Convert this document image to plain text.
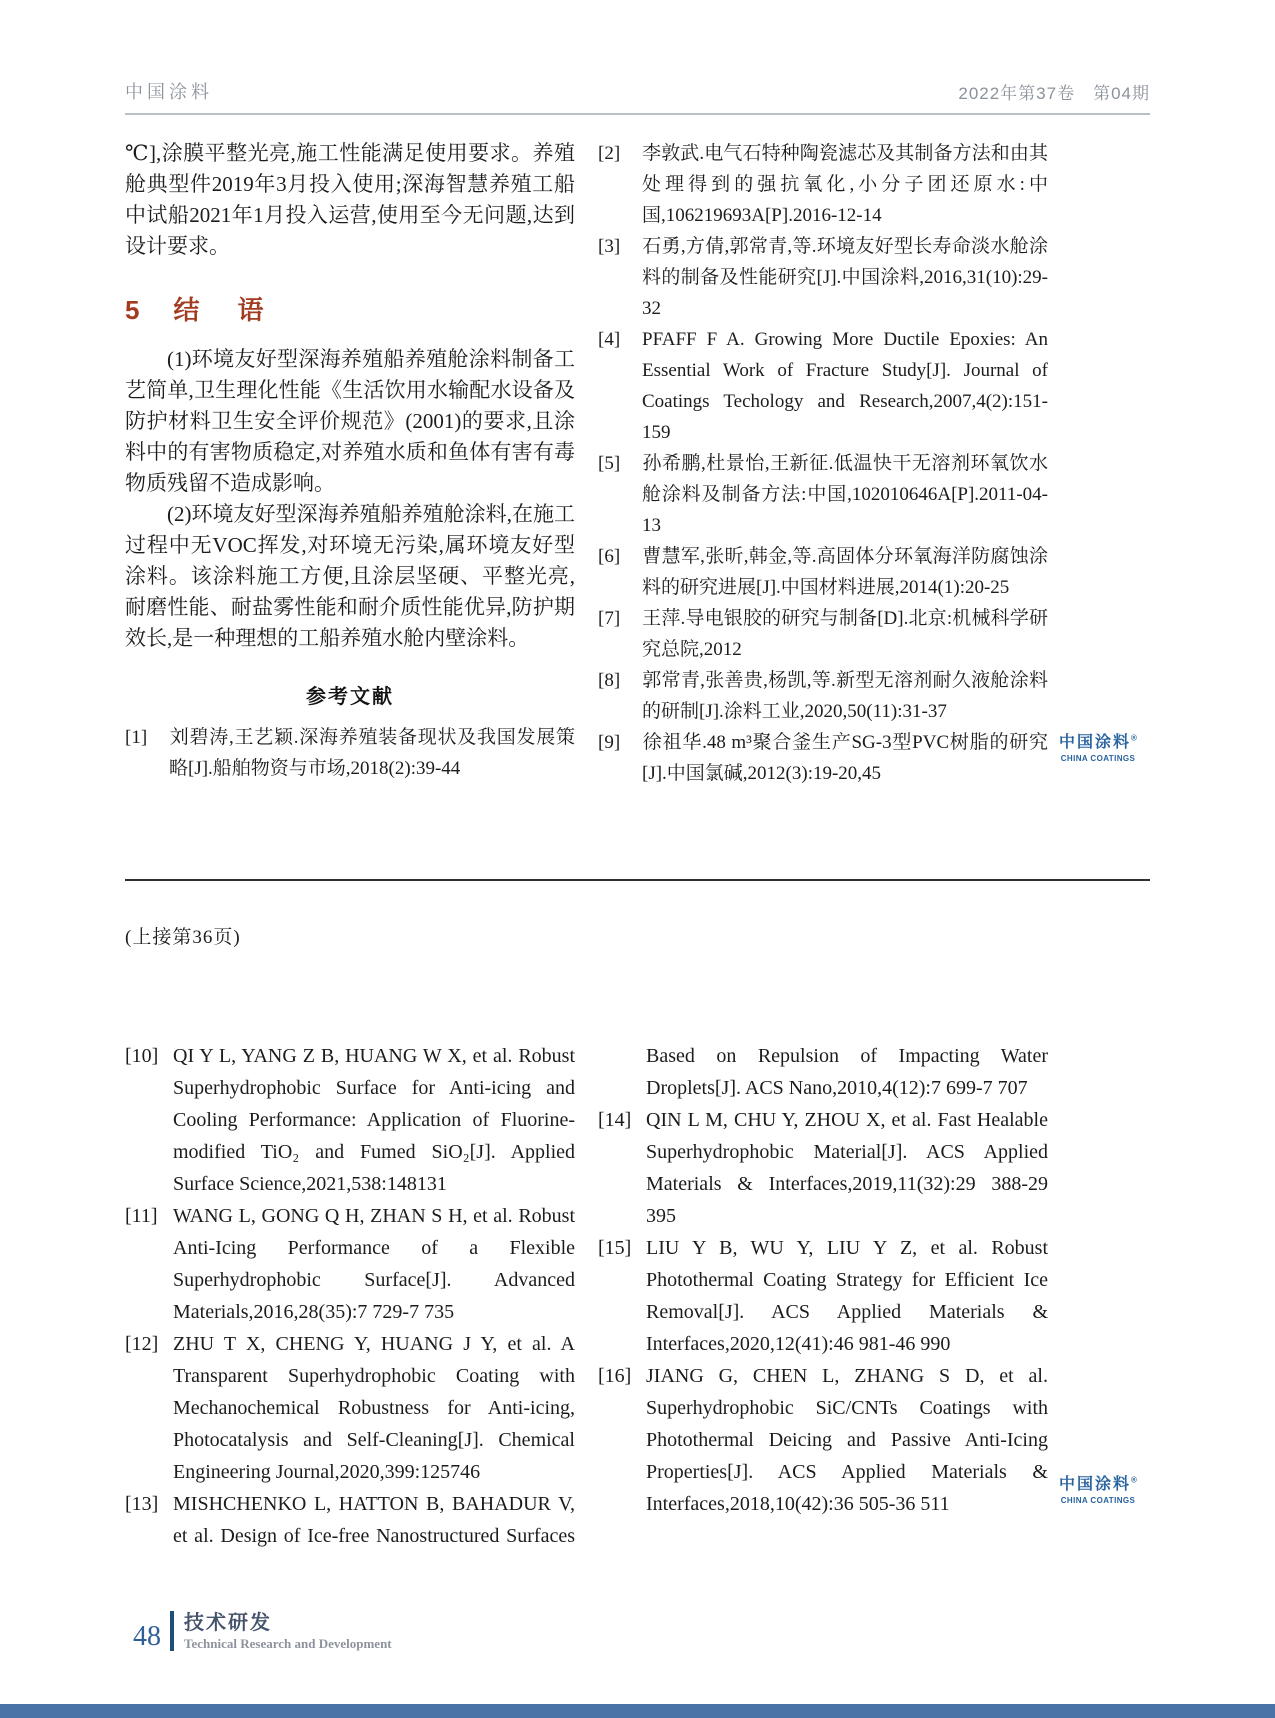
中国涂料	2022年第37卷　第04期
℃],涂膜平整光亮,施工性能满足使用要求。养殖舱典型件2019年3月投入使用;深海智慧养殖工船中试船2021年1月投入运营,使用至今无问题,达到设计要求。
5 结　语
(1)环境友好型深海养殖船养殖舱涂料制备工艺简单,卫生理化性能《生活饮用水输配水设备及防护材料卫生安全评价规范》(2001)的要求,且涂料中的有害物质稳定,对养殖水质和鱼体有害有毒物质残留不造成影响。
(2)环境友好型深海养殖船养殖舱涂料,在施工过程中无VOC挥发,对环境无污染,属环境友好型涂料。该涂料施工方便,且涂层坚硬、平整光亮,耐磨性能、耐盐雾性能和耐介质性能优异,防护期效长,是一种理想的工船养殖水舱内壁涂料。
参考文献
[1] 刘碧涛,王艺颖.深海养殖装备现状及我国发展策略[J].船舶物资与市场,2018(2):39-44
[2] 李敦武.电气石特种陶瓷滤芯及其制备方法和由其处理得到的强抗氧化,小分子团还原水:中国,106219693A[P].2016-12-14
[3] 石勇,方倩,郭常青,等.环境友好型长寿命淡水舱涂料的制备及性能研究[J].中国涂料,2016,31(10):29-32
[4] PFAFF F A. Growing More Ductile Epoxies: An Essential Work of Fracture Study[J]. Journal of Coatings Techology and Research,2007,4(2):151-159
[5] 孙希鹏,杜景怡,王新征.低温快干无溶剂环氧饮水舱涂料及制备方法:中国,102010646A[P].2011-04-13
[6] 曹慧军,张昕,韩金,等.高固体分环氧海洋防腐蚀涂料的研究进展[J].中国材料进展,2014(1):20-25
[7] 王萍.导电银胶的研究与制备[D].北京:机械科学研究总院,2012
[8] 郭常青,张善贵,杨凯,等.新型无溶剂耐久液舱涂料的研制[J].涂料工业,2020,50(11):31-37
[9] 徐祖华.48 m³聚合釜生产SG-3型PVC树脂的研究[J].中国氯碱,2012(3):19-20,45
中国涂料®
CHINA COATINGS
(上接第36页)
[10] QI Y L, YANG Z B, HUANG W X, et al. Robust Superhydrophobic Surface for Anti-icing and Cooling Performance: Application of Fluorine-modified TiO₂ and Fumed SiO₂[J]. Applied Surface Science,2021,538:148131
[11] WANG L, GONG Q H, ZHAN S H, et al. Robust Anti-Icing Performance of a Flexible Superhydrophobic Surface[J]. Advanced Materials,2016,28(35):7 729-7 735
[12] ZHU T X, CHENG Y, HUANG J Y, et al. A Transparent Superhydrophobic Coating with Mechanochemical Robustness for Anti-icing, Photocatalysis and Self-Cleaning[J]. Chemical Engineering Journal,2020,399:125746
[13] MISHCHENKO L, HATTON B, BAHADUR V, et al. Design of Ice-free Nanostructured Surfaces Based on Repulsion of Impacting Water Droplets[J]. ACS Nano,2010,4(12):7 699-7 707
[14] QIN L M, CHU Y, ZHOU X, et al. Fast Healable Superhydrophobic Material[J]. ACS Applied Materials & Interfaces,2019,11(32):29 388-29 395
[15] LIU Y B, WU Y, LIU Y Z, et al. Robust Photothermal Coating Strategy for Efficient Ice Removal[J]. ACS Applied Materials & Interfaces,2020,12(41):46 981-46 990
[16] JIANG G, CHEN L, ZHANG S D, et al. Superhydrophobic SiC/CNTs Coatings with Photothermal Deicing and Passive Anti-Icing Properties[J]. ACS Applied Materials & Interfaces,2018,10(42):36 505-36 511
中国涂料®
CHINA COATINGS
48 技术研发
Technical Research and Development
